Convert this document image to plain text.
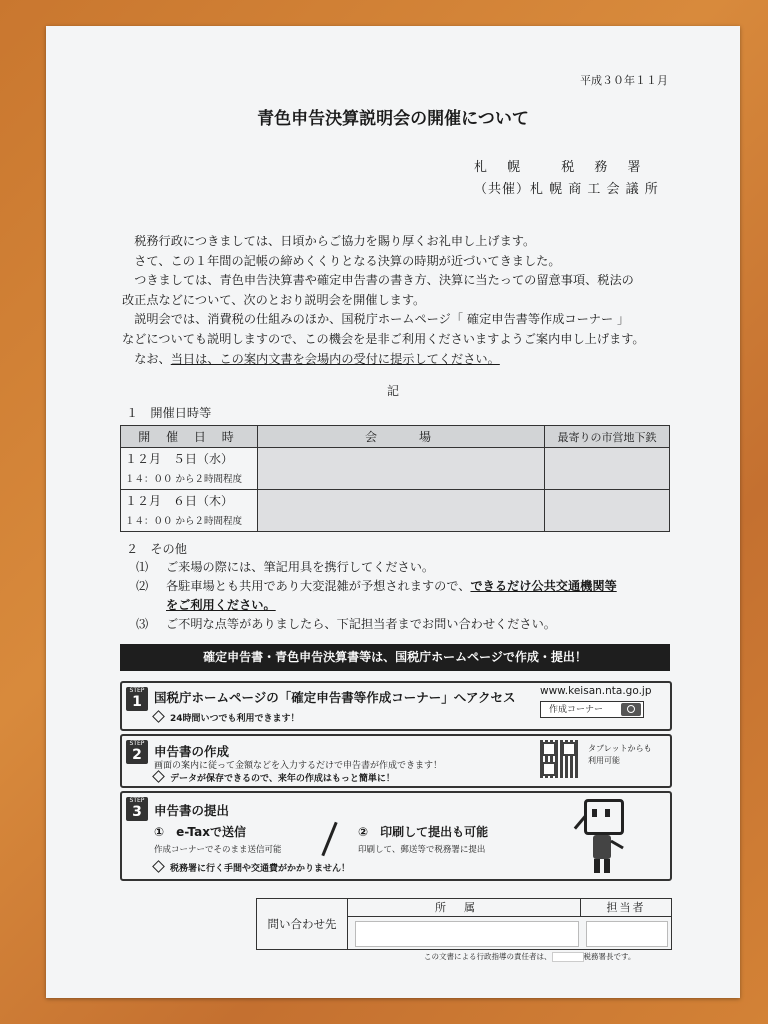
平成３０年１１月
青色申告決算説明会の開催について
札 幌　 税 務 署
（共催）札 幌 商 工 会 議 所

　税務行政につきましては、日頃からご協力を賜り厚くお礼申し上げます。

　さて、この１年間の記帳の締めくくりとなる決算の時期が近づいてきました。

　つきましては、青色申告決算書や確定申告書の書き方、決算に当たっての留意事項、税法の

改正点などについて、次のとおり説明会を開催します。

　説明会では、消費税の仕組みのほか、国税庁ホームページ「 確定申告書等作成コーナー 」

などについても説明しますので、この機会を是非ご利用くださいますようご案内申し上げます。

　なお、当日は、この案内文書を会場内の受付に提示してください。

記
１　開催日時等
開 催 日 時	会　　場	最寄りの市営地下鉄

１２月　５日（水）
１４：００ から２時間程度		

１２月　６日（木）
１４：００ から２時間程度		

２　その他
⑴ ご来場の際には、筆記用具を携行してください。
⑵ 各駐車場とも共用であり大変混雑が予想されますので、できるだけ公共交通機関等
をご利用ください。
⑶ ご不明な点等がありましたら、下記担当者までお問い合わせください。
確定申告書・青色申告決算書等は、国税庁ホームページで作成・提出！
STEP
1 国税庁ホームページの「確定申告書等作成コーナー」へアクセス
24時間いつでも利用できます！
www.keisan.nta.go.jp
作成コーナー
STEP
2 申告書の作成
画面の案内に従って金額などを入力するだけで申告書が作成できます！
データが保存できるので、来年の作成はもっと簡単に！
タブレットからも
利用可能
STEP
3 申告書の提出
①　e-Taxで送信
作成コーナーでそのまま送信可能
②　印刷して提出も可能
印刷して、郵送等で税務署に提出
税務署に行く手間や交通費がかかりません！
問い合わせ先
所属	担当者
この文書による行政指導の責任者は、	税務署長です。
